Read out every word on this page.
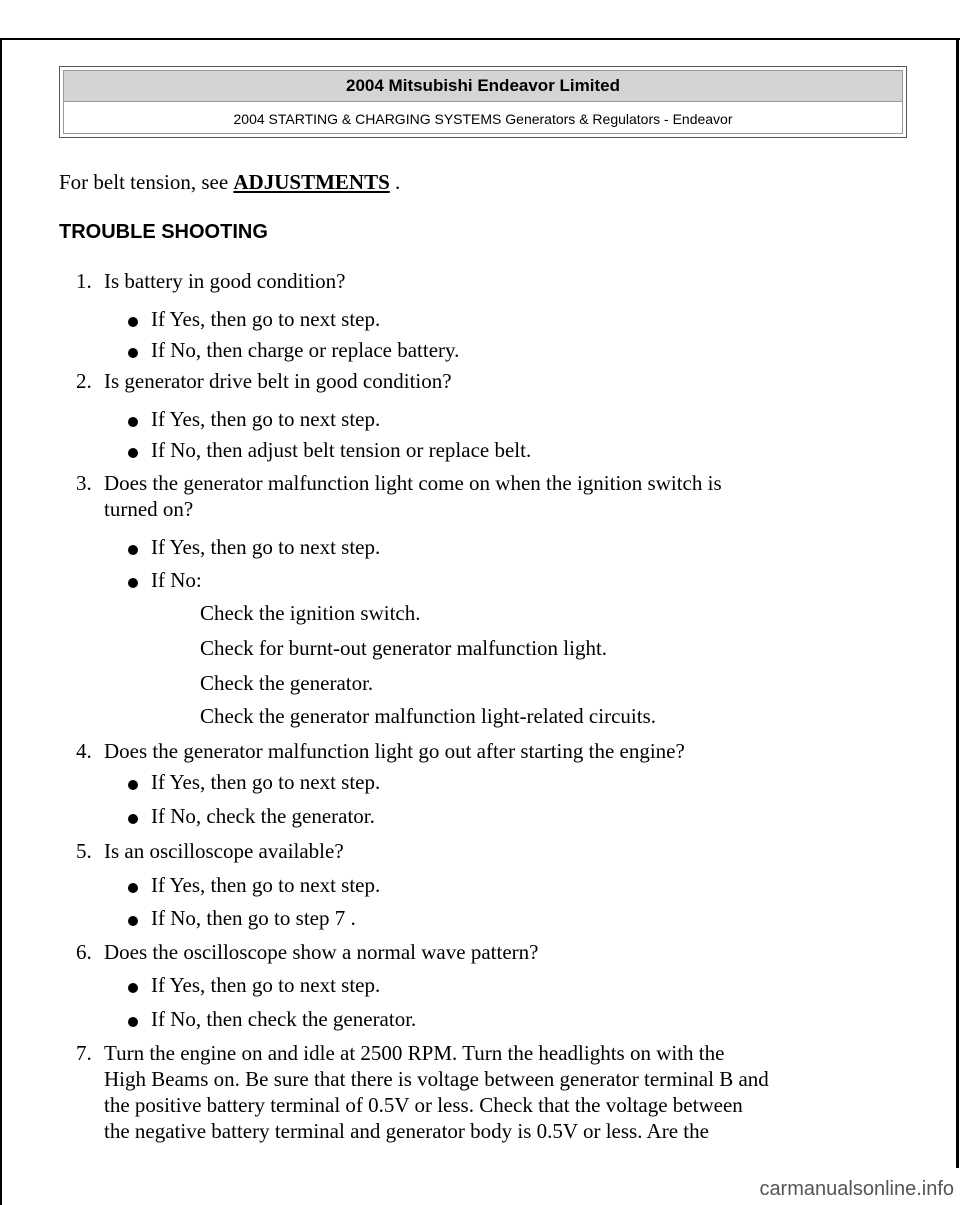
2004 Mitsubishi Endeavor Limited
2004 STARTING & CHARGING SYSTEMS Generators & Regulators - Endeavor
For belt tension, see ADJUSTMENTS .
TROUBLE SHOOTING
1. Is battery in good condition?
If Yes, then go to next step.
If No, then charge or replace battery.
2. Is generator drive belt in good condition?
If Yes, then go to next step.
If No, then adjust belt tension or replace belt.
3. Does the generator malfunction light come on when the ignition switch is
turned on?
If Yes, then go to next step.
If No:
Check the ignition switch.
Check for burnt-out generator malfunction light.
Check the generator.
Check the generator malfunction light-related circuits.
4. Does the generator malfunction light go out after starting the engine?
If Yes, then go to next step.
If No, check the generator.
5. Is an oscilloscope available?
If Yes, then go to next step.
If No, then go to step 7 .
6. Does the oscilloscope show a normal wave pattern?
If Yes, then go to next step.
If No, then check the generator.
7. Turn the engine on and idle at 2500 RPM. Turn the headlights on with the
High Beams on. Be sure that there is voltage between generator terminal B and
the positive battery terminal of 0.5V or less. Check that the voltage between
the negative battery terminal and generator body is 0.5V or less. Are the
carmanualsonline.info
